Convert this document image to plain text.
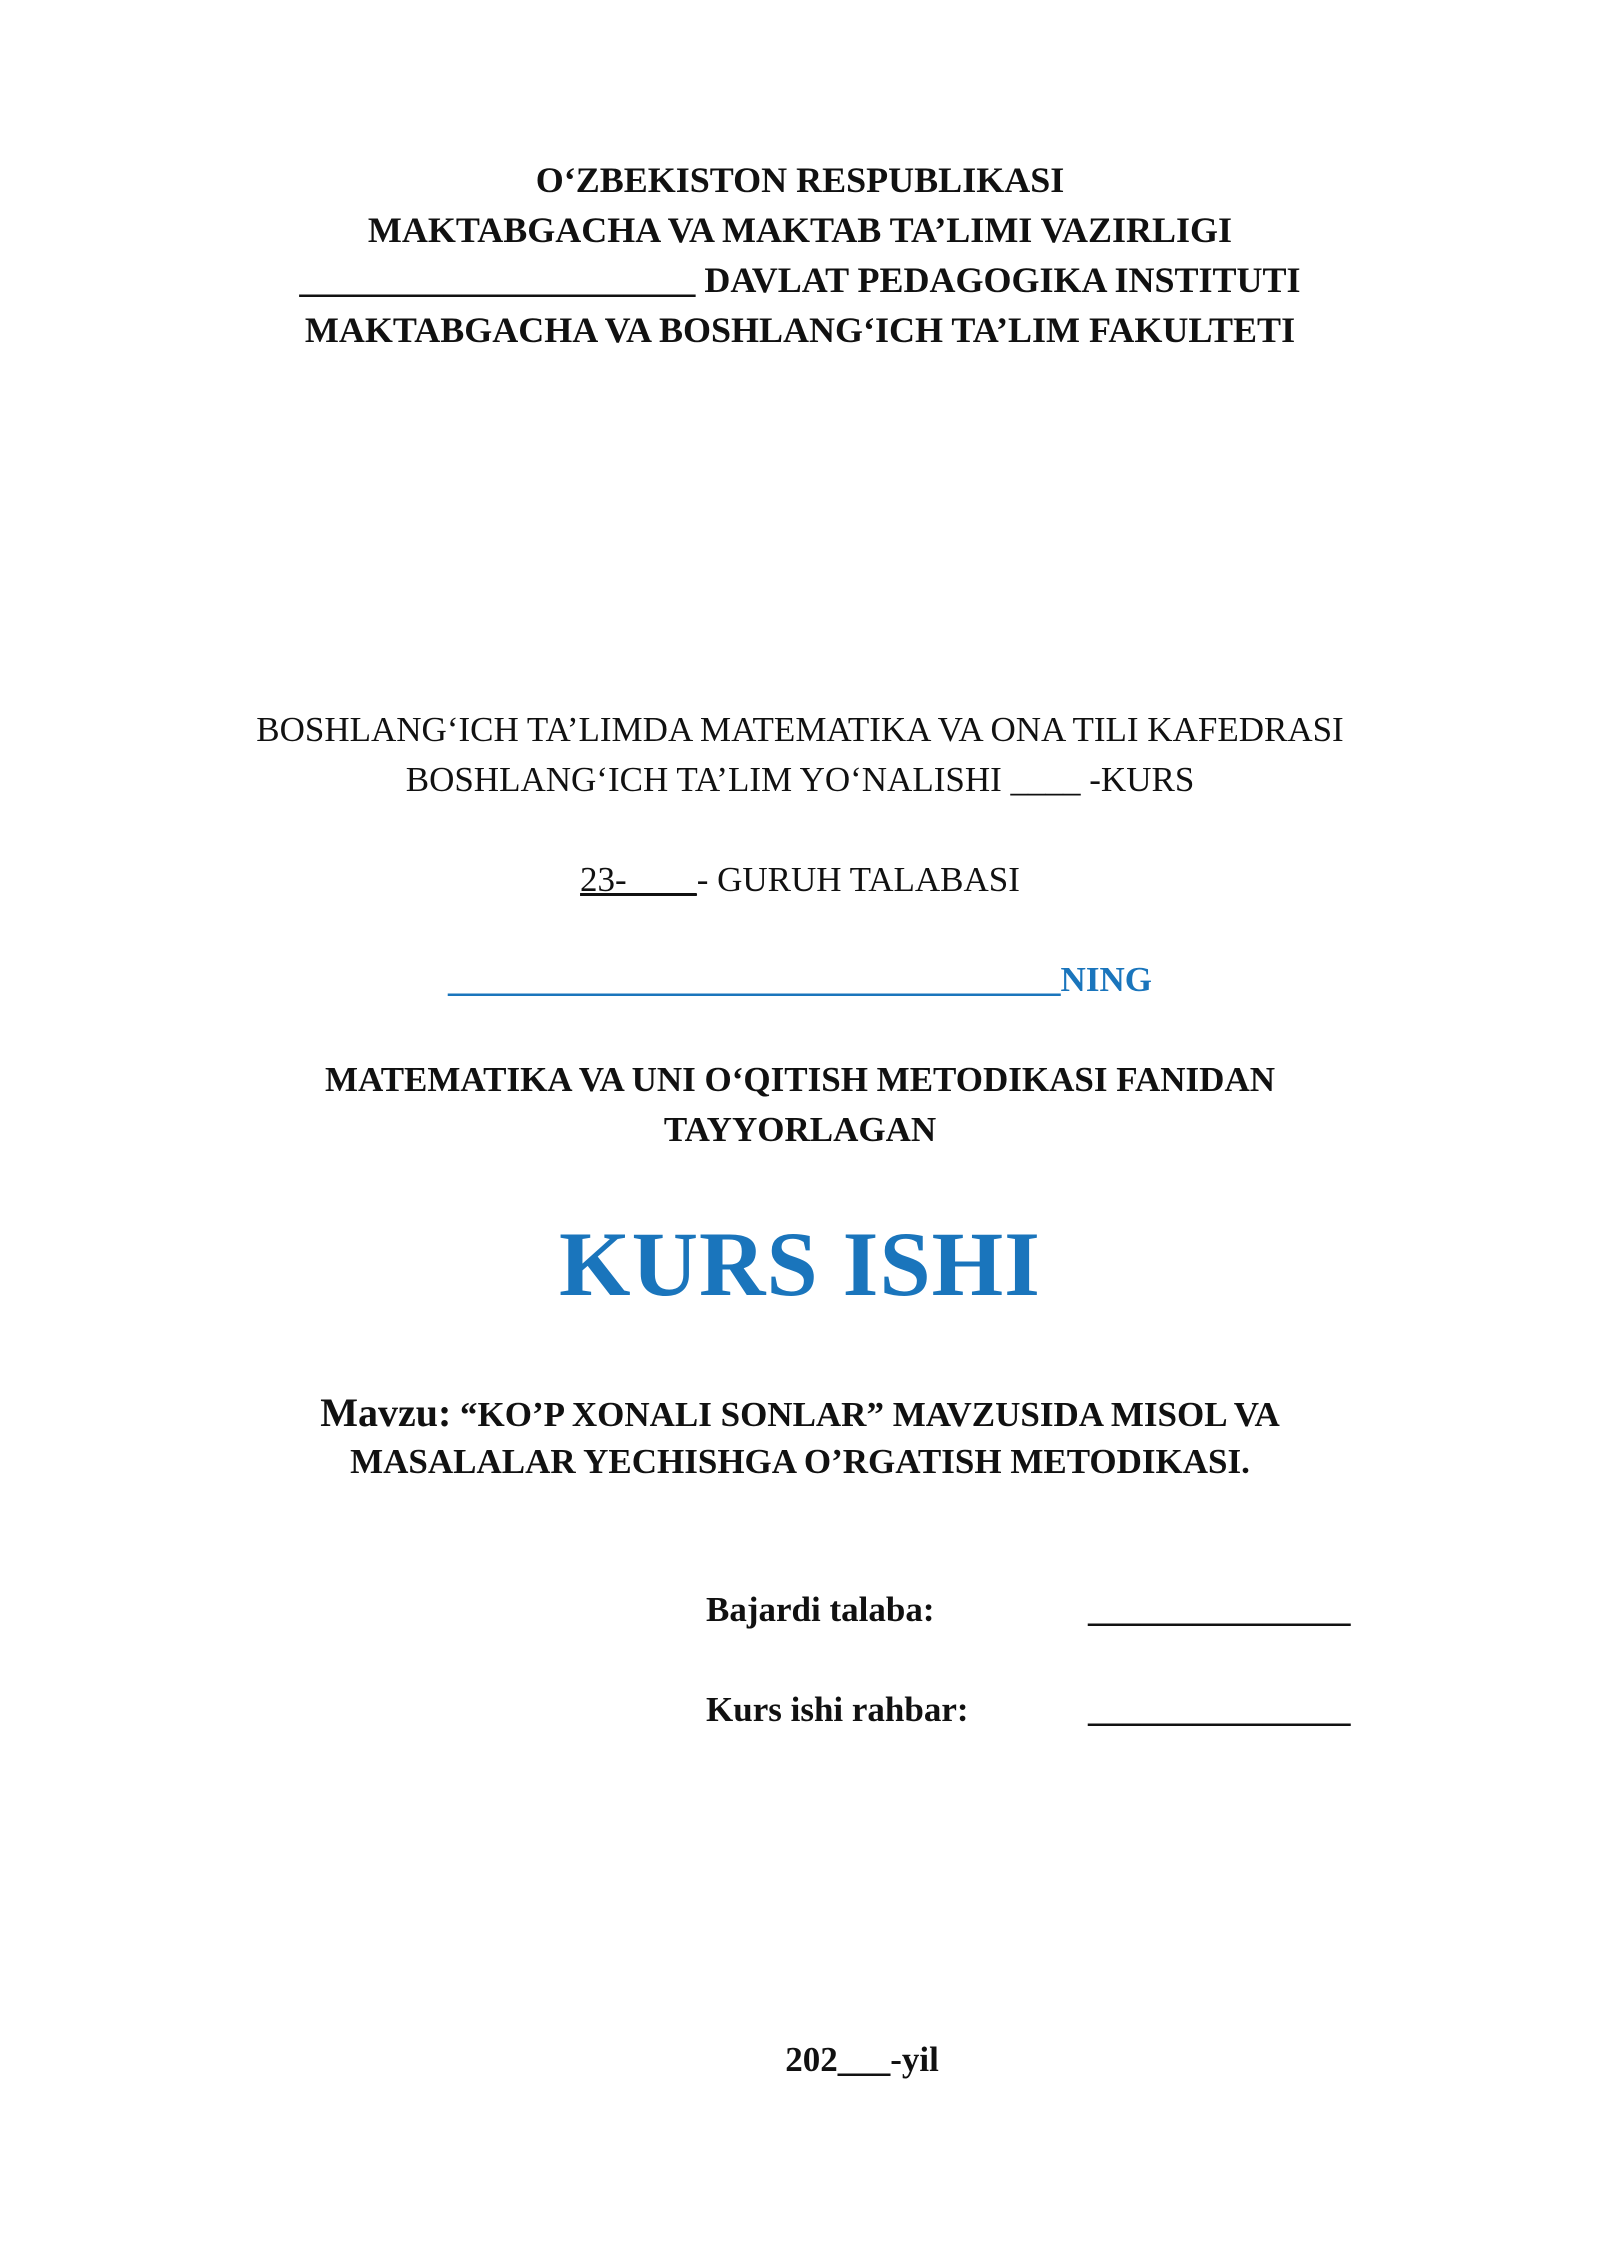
O‘ZBEKISTON RESPUBLIKASI
MAKTABGACHA VA MAKTAB TA’LIMI VAZIRLIGI
______________________ DAVLAT PEDAGOGIKA INSTITUTI
MAKTABGACHA VA BOSHLANG‘ICH TA’LIM FAKULTETI
BOSHLANG‘ICH TA’LIMDA MATEMATIKA VA ONA TILI KAFEDRASI
BOSHLANG‘ICH TA’LIM YO‘NALISHI ____ -KURS
23-____- GURUH TALABASI
___________________________________NING
MATEMATIKA VA UNI O‘QITISH METODIKASI FANIDAN
TAYYORLAGAN
KURS ISHI
Mavzu: “KO’P XONALI SONLAR” MAVZUSIDA MISOL VA
MASALALAR YECHISHGA O’RGATISH METODIKASI.
Bajardi talaba:	_______________
Kurs ishi rahbar:	_______________
202___-yil
